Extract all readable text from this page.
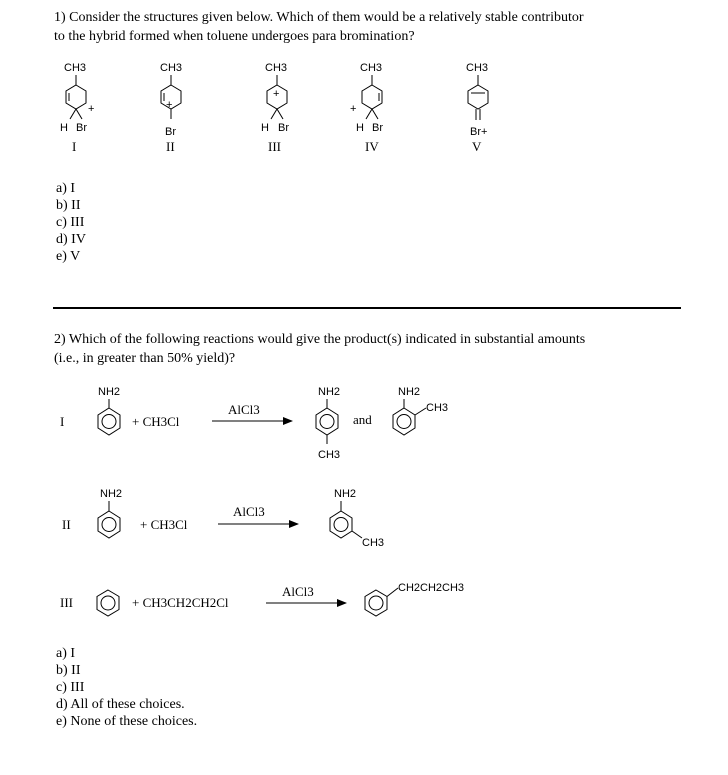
1) Consider the structures given below. Which of them would be a relatively stable contributor
to the hybrid formed when toluene undergoes para bromination?
CH3
+
H Br
I
CH3
+
Br
II
CH3
+
H Br
III
CH3
+
H Br
IV
CH3
Br+
V
a) I
b) II
c) III
d) IV
e) V
2) Which of the following reactions would give the product(s) indicated in substantial amounts
(i.e., in greater than 50% yield)?
I
NH2
+ CH3Cl
AlCl3
NH2
CH3
and
NH2
CH3
II
NH2
+ CH3Cl
AlCl3
NH2
CH3
III	+ CH3CH2CH2Cl
AlCl3	CH2CH2CH3
a) I
b) II
c) III
d) All of these choices.
e) None of these choices.
